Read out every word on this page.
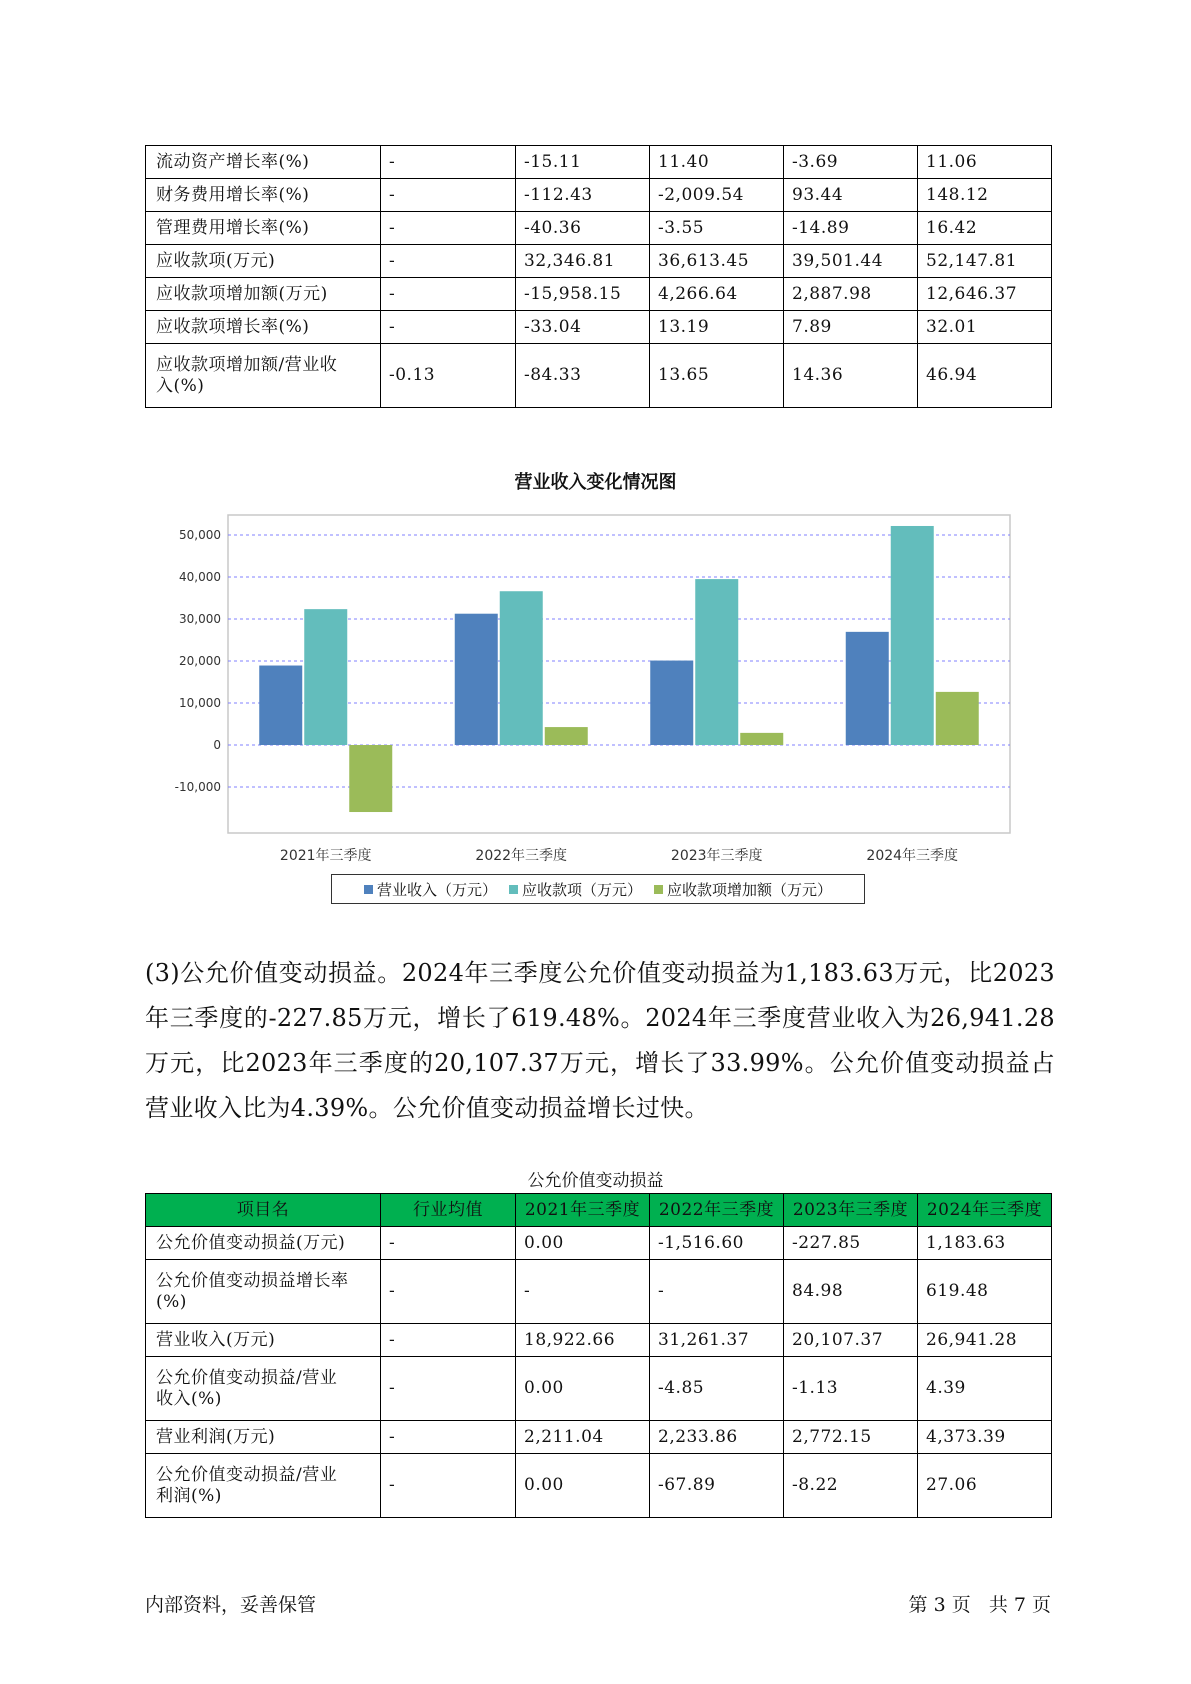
流动资产增长率(%)	-	-15.11	11.40	-3.69	11.06
财务费用增长率(%)	-	-112.43	-2,009.54	93.44	148.12
管理费用增长率(%)	-	-40.36	-3.55	-14.89	16.42
应收款项(万元)	-	32,346.81	36,613.45	39,501.44	52,147.81
应收款项增加额(万元)	-	-15,958.15	4,266.64	2,887.98	12,646.37
应收款项增长率(%)	-	-33.04	13.19	7.89	32.01
应收款项增加额/营业收
入(%)	-0.13	-84.33	13.65	14.36	46.94
营业收入变化情况图
50,000
40,000
30,000
20,000
10,000
0
-10,000
2021年三季度	2022年三季度	2023年三季度	2024年三季度
营业收入（万元） 应收款项（万元） 应收款项增加额（万元）

(3)公允价值变动损益。2024年三季度公允价值变动损益为1,183.63万元，比2023年三季度的-227.85万元，增长了619.48%。2024年三季度营业收入为26,941.28万元，比2023年三季度的20,107.37万元，增长了33.99%。公允价值变动损益占营业收入比为4.39%。公允价值变动损益增长过快。

公允价值变动损益
项目名	行业均值	2021年三季度	2022年三季度	2023年三季度	2024年三季度
公允价值变动损益(万元)	-	0.00	-1,516.60	-227.85	1,183.63
公允价值变动损益增长率
(%)	-	-	-	84.98	619.48
营业收入(万元)	-	18,922.66	31,261.37	20,107.37	26,941.28
公允价值变动损益/营业
收入(%)	-	0.00	-4.85	-1.13	4.39
营业利润(万元)	-	2,211.04	2,233.86	2,772.15	4,373.39
公允价值变动损益/营业
利润(%)	-	0.00	-67.89	-8.22	27.06
内部资料，妥善保管	第 3 页   共 7 页
